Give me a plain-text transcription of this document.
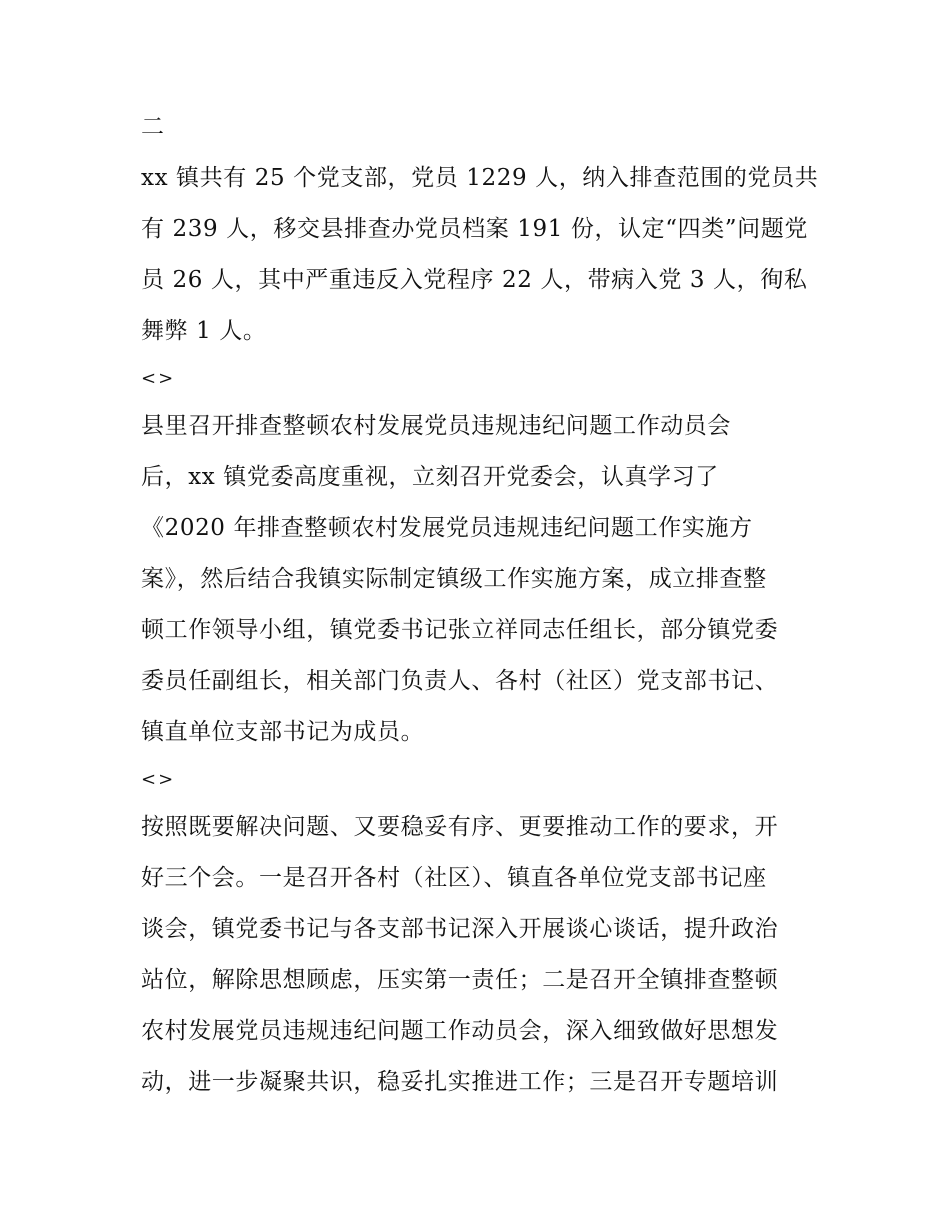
二
xx 镇共有 25 个党支部，党员 1229 人，纳入排查范围的党员共
有 239 人，移交县排查办党员档案 191 份，认定“四类”问题党
员 26 人，其中严重违反入党程序 22 人，带病入党 3 人，徇私
舞弊 1 人。
<>
县里召开排查整顿农村发展党员违规违纪问题工作动员会
后，xx 镇党委高度重视，立刻召开党委会，认真学习了
《2020 年排查整顿农村发展党员违规违纪问题工作实施方
案》，然后结合我镇实际制定镇级工作实施方案，成立排查整
顿工作领导小组，镇党委书记张立祥同志任组长，部分镇党委
委员任副组长，相关部门负责人、各村（社区）党支部书记、
镇直单位支部书记为成员。
<>
按照既要解决问题、又要稳妥有序、更要推动工作的要求，开
好三个会。一是召开各村（社区）、镇直各单位党支部书记座
谈会，镇党委书记与各支部书记深入开展谈心谈话，提升政治
站位，解除思想顾虑，压实第一责任；二是召开全镇排查整顿
农村发展党员违规违纪问题工作动员会，深入细致做好思想发
动，进一步凝聚共识，稳妥扎实推进工作；三是召开专题培训
